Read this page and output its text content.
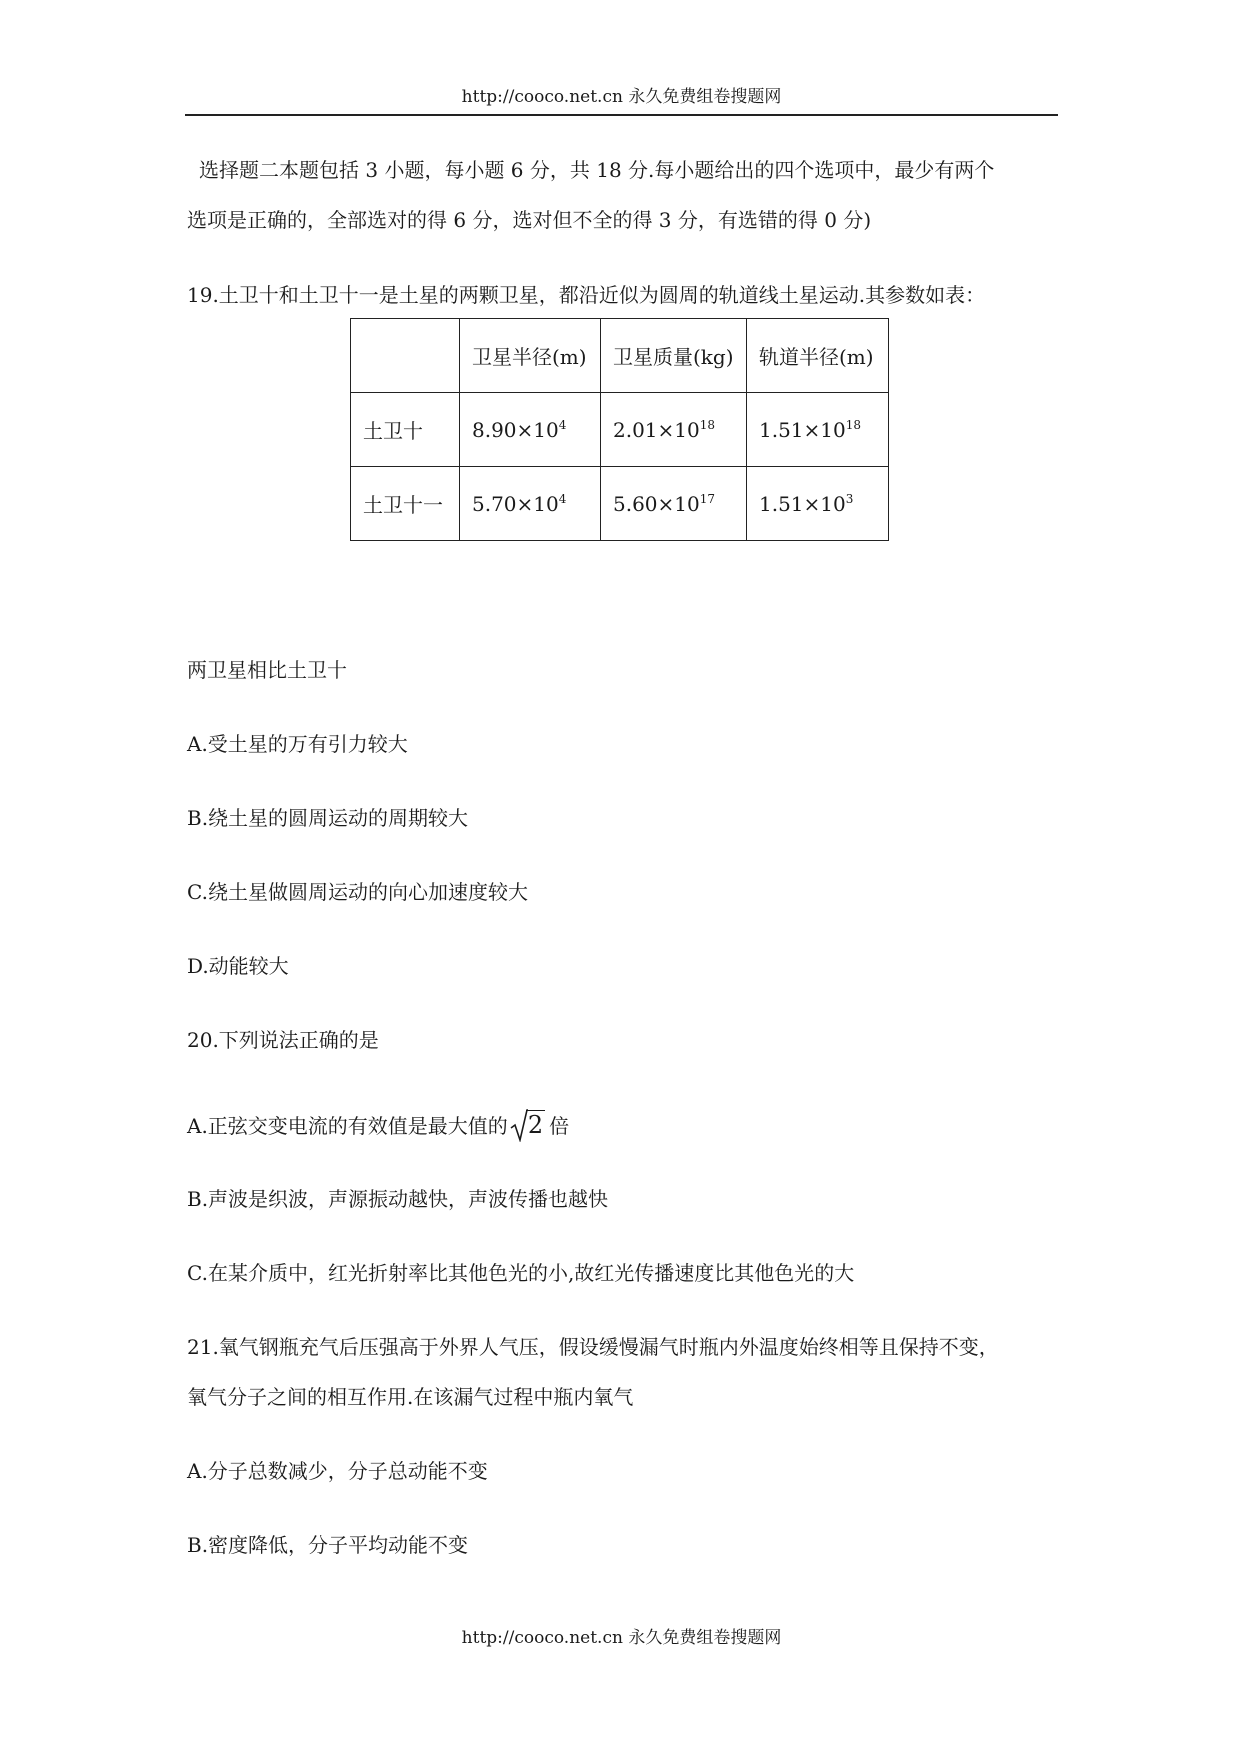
http://cooco.net.cn 永久免费组卷搜题网
选择题二本题包括 3 小题，每小题 6 分，共 18 分.每小题给出的四个选项中，最少有两个
选项是正确的，全部选对的得 6 分，选对但不全的得 3 分，有选错的得 0 分)
19.土卫十和土卫十一是土星的两颗卫星，都沿近似为圆周的轨道线土星运动.其参数如表：
	卫星半径(m)	卫星质量(kg)	轨道半径(m)
土卫十	$8.90\times 10^4$	$2.01\times 10^{18}$	$1.51\times 10^{18}$
土卫十一	$5.70\times 10^4$	$5.60\times 10^{17}$	$1.51\times 10^3$
两卫星相比土卫十
A.受土星的万有引力较大
B.绕土星的圆周运动的周期较大
C.绕土星做圆周运动的向心加速度较大
D.动能较大
20.下列说法正确的是
A.正弦交变电流的有效值是最大值的 2 倍
B.声波是织波，声源振动越快，声波传播也越快
C.在某介质中，红光折射率比其他色光的小,故红光传播速度比其他色光的大
21.氧气钢瓶充气后压强高于外界人气压，假设缓慢漏气时瓶内外温度始终相等且保持不变，
氧气分子之间的相互作用.在该漏气过程中瓶内氧气
A.分子总数减少，分子总动能不变
B.密度降低，分子平均动能不变
http://cooco.net.cn 永久免费组卷搜题网
